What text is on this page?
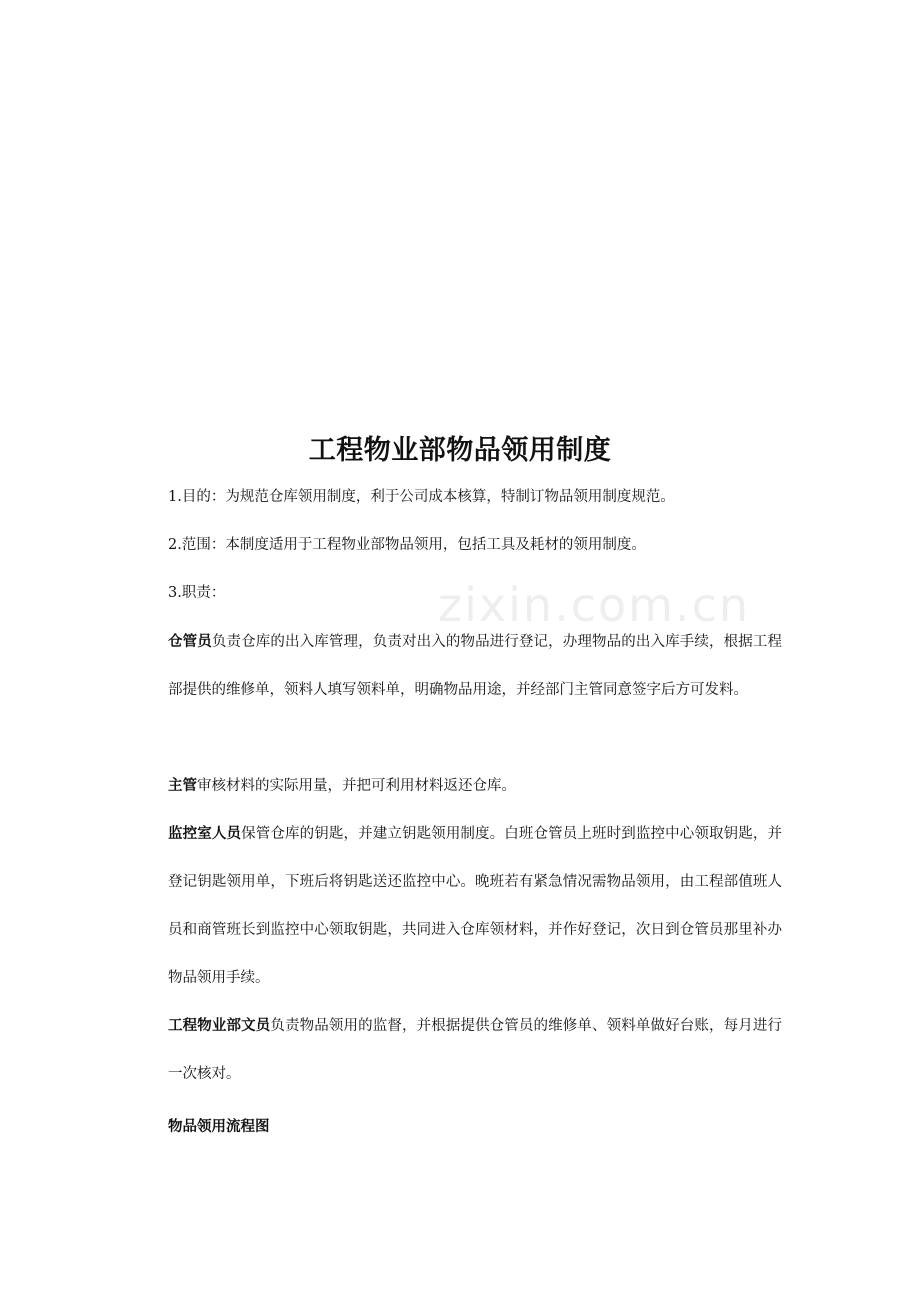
zixin.com.cn
工程物业部物品领用制度

1.目的：为规范仓库领用制度，利于公司成本核算，特制订物品领用制度规范。

2.范围：本制度适用于工程物业部物品领用，包括工具及耗材的领用制度。

3.职责：

仓管员负责仓库的出入库管理，负责对出入的物品进行登记，办理物品的出入库手续，根据工程部提供的维修单，领料人填写领料单，明确物品用途，并经部门主管同意签字后方可发料。

主管审核材料的实际用量，并把可利用材料返还仓库。

监控室人员保管仓库的钥匙，并建立钥匙领用制度。白班仓管员上班时到监控中心领取钥匙，并登记钥匙领用单，下班后将钥匙送还监控中心。晚班若有紧急情况需物品领用，由工程部值班人员和商管班长到监控中心领取钥匙，共同进入仓库领材料，并作好登记，次日到仓管员那里补办物品领用手续。

工程物业部文员负责物品领用的监督，并根据提供仓管员的维修单、领料单做好台账，每月进行一次核对。

物品领用流程图
